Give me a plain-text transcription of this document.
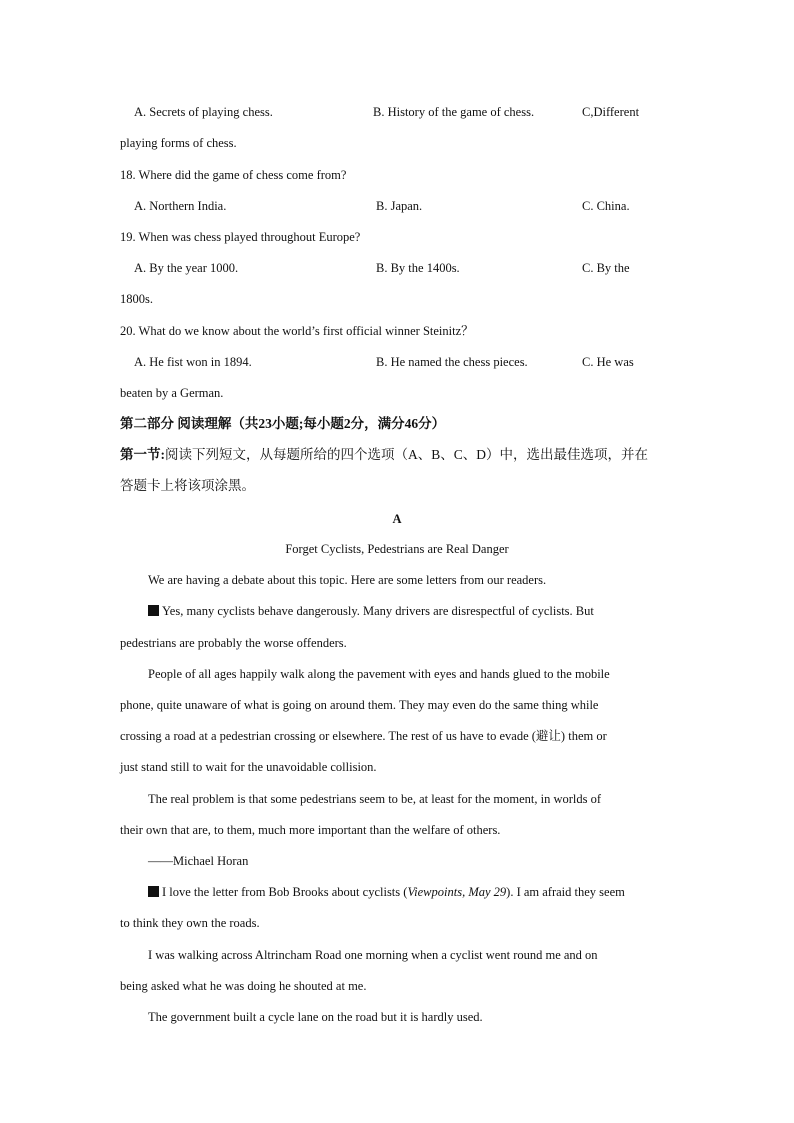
A. Secrets of playing chess.	B. History of the game of chess.	C,Different
playing forms of chess.
18. Where did the game of chess come from?
A. Northern India.	B. Japan.	C. China.
19. When was chess played throughout Europe?
A. By the year 1000.	B. By the 1400s.	C. By the
1800s.
20. What do we know about the world’s first official winner Steinitz？
A. He fist won in 1894.	B. He named the chess pieces.	C. He was
beaten by a German.
第二部分 阅读理解（共23小题;每小题2分，满分46分）
第一节:阅读下列短文，从每题所给的四个选项（A、B、C、D）中，选出最佳选项，并在
答题卡上将该项涂黑。
A
Forget Cyclists, Pedestrians are Real Danger
We are having a debate about this topic. Here are some letters from our readers.
Yes, many cyclists behave dangerously. Many drivers are disrespectful of cyclists. But
pedestrians are probably the worse offenders.
People of all ages happily walk along the pavement with eyes and hands glued to the mobile
phone, quite unaware of what is going on around them. They may even do the same thing while
crossing a road at a pedestrian crossing or elsewhere. The rest of us have to evade (避让) them or
just stand still to wait for the unavoidable collision.
The real problem is that some pedestrians seem to be, at least for the moment, in worlds of
their own that are, to them, much more important than the welfare of others.
——Michael Horan
I love the letter from Bob Brooks about cyclists (Viewpoints, May 29). I am afraid they seem
to think they own the roads.
I was walking across Altrincham Road one morning when a cyclist went round me and on
being asked what he was doing he shouted at me.
The government built a cycle lane on the road but it is hardly used.
